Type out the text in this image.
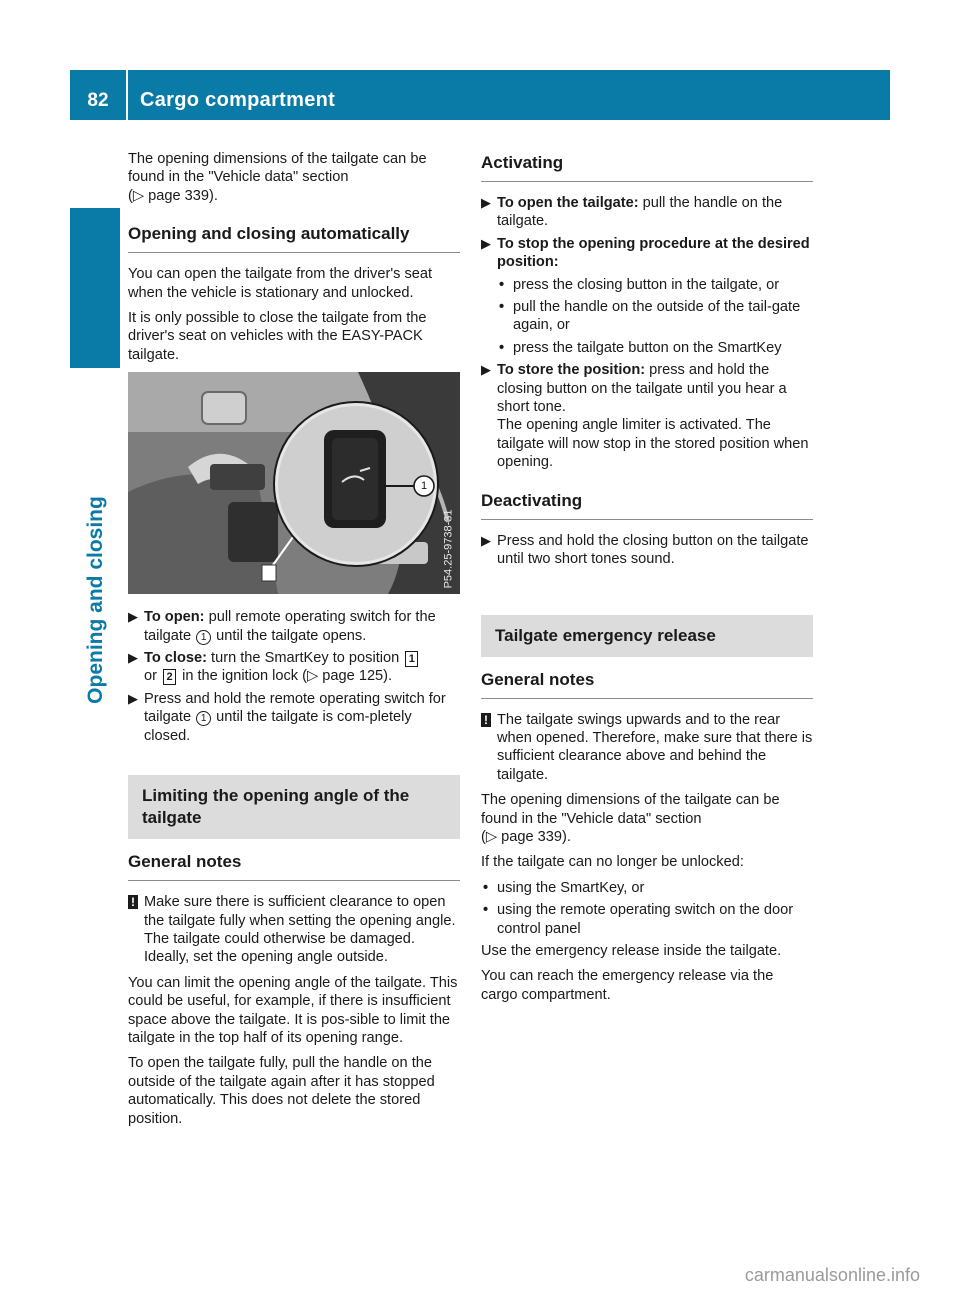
82	Cargo compartment
Opening and closing

The opening dimensions of the tailgate can be found in the "Vehicle data" section
(▷ page 339).

Opening and closing automatically

You can open the tailgate from the driver's seat when the vehicle is stationary and unlocked.

It is only possible to close the tailgate from the driver's seat on vehicles with the EASY-PACK tailgate.

1
P54.25-9738-31
▶ To open: pull remote operating switch for the tailgate 1 until the tailgate opens.
▶ To close: turn the SmartKey to position 1
or 2 in the ignition lock (▷ page 125).
▶ Press and hold the remote operating switch for tailgate 1 until the tailgate is com-pletely closed.
Limiting the opening angle of the tailgate
General notes
! Make sure there is sufficient clearance to open the tailgate fully when setting the opening angle. The tailgate could otherwise be damaged. Ideally, set the opening angle outside.

You can limit the opening angle of the tailgate. This could be useful, for example, if there is insufficient space above the tailgate. It is pos-sible to limit the tailgate in the top half of its opening range.

To open the tailgate fully, pull the handle on the outside of the tailgate again after it has stopped automatically. This does not delete the stored position.

Activating
▶ To open the tailgate: pull the handle on the tailgate.
▶ To stop the opening procedure at the desired position:
• press the closing button in the tailgate, or
• pull the handle on the outside of the tail-gate again, or
• press the tailgate button on the SmartKey
▶ To store the position: press and hold the closing button on the tailgate until you hear a short tone.
The opening angle limiter is activated. The tailgate will now stop in the stored position when opening.
Deactivating
▶ Press and hold the closing button on the tailgate until two short tones sound.
Tailgate emergency release
General notes
! The tailgate swings upwards and to the rear when opened. Therefore, make sure that there is sufficient clearance above and behind the tailgate.

The opening dimensions of the tailgate can be found in the "Vehicle data" section
(▷ page 339).

If the tailgate can no longer be unlocked:

• using the SmartKey, or
• using the remote operating switch on the door control panel

Use the emergency release inside the tailgate.

You can reach the emergency release via the cargo compartment.

carmanualsonline.info
